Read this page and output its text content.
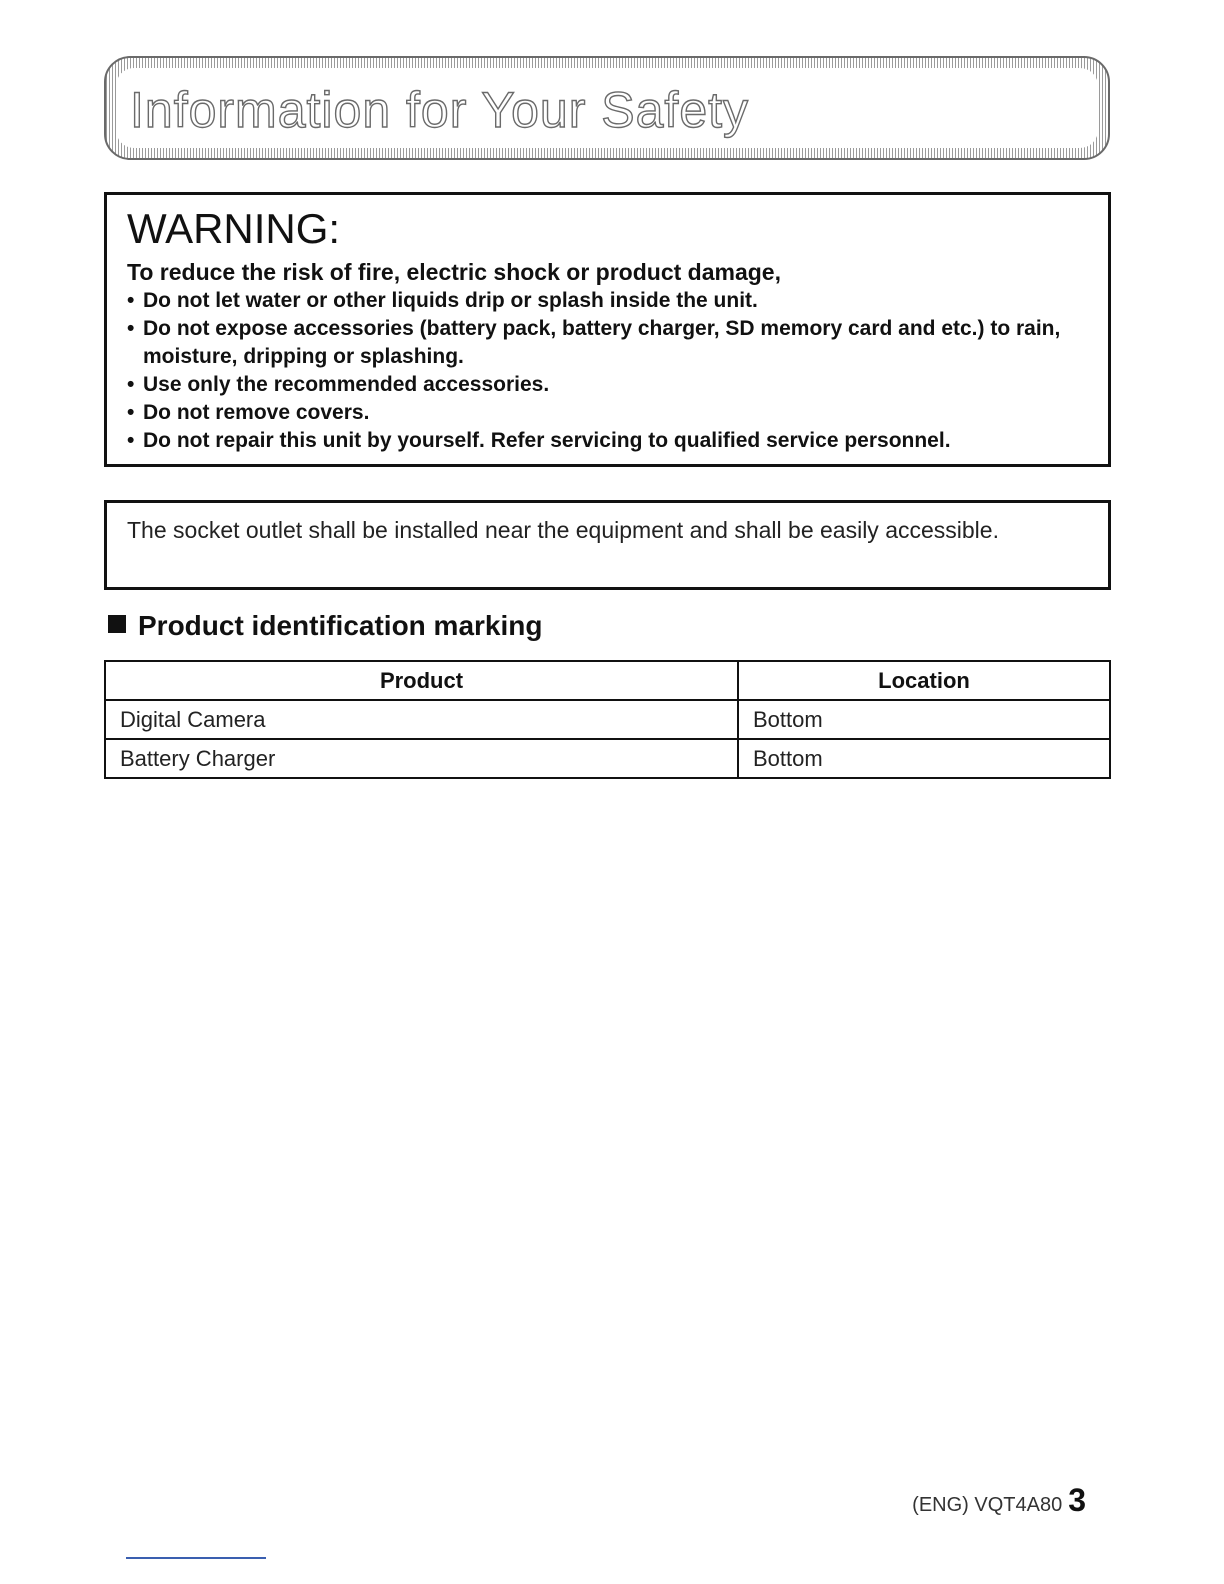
Information for Your Safety
WARNING:
To reduce the risk of fire, electric shock or product damage,
• Do not let water or other liquids drip or splash inside the unit.
• Do not expose accessories (battery pack, battery charger, SD memory card and etc.) to rain, moisture, dripping or splashing.
• Use only the recommended accessories.
• Do not remove covers.
• Do not repair this unit by yourself. Refer servicing to qualified service personnel.
The socket outlet shall be installed near the equipment and shall be easily accessible.
Product identification marking
Product	Location
Digital Camera	Bottom
Battery Charger	Bottom
(ENG) VQT4A80 3
